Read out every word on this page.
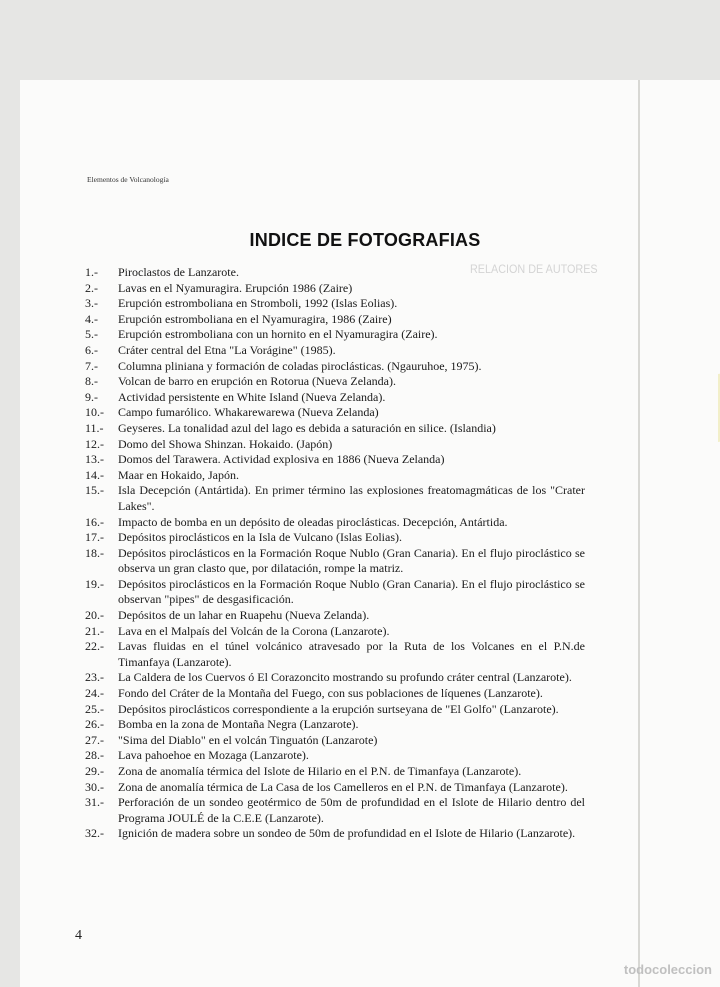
Elementos de Volcanología
INDICE DE FOTOGRAFIAS
RELACION DE AUTORES
1.-	Piroclastos de Lanzarote.
2.-	Lavas en el Nyamuragira. Erupción 1986 (Zaire)
3.-	Erupción estromboliana en Stromboli, 1992 (Islas Eolias).
4.-	Erupción estromboliana en el Nyamuragira, 1986 (Zaire)
5.-	Erupción estromboliana con un hornito en el Nyamuragira (Zaire).
6.-	Cráter central del Etna "La Vorágine" (1985).
7.-	Columna pliniana y formación de coladas piroclásticas. (Ngauruhoe, 1975).
8.-	Volcan de barro en erupción en Rotorua (Nueva Zelanda).
9.-	Actividad persistente en White Island (Nueva Zelanda).
10.-	Campo fumarólico. Whakarewarewa (Nueva Zelanda)
11.-	Geyseres. La tonalidad azul del lago es debida a saturación en silice. (Islandia)
12.-	Domo del Showa Shinzan. Hokaido. (Japón)
13.-	Domos del Tarawera. Actividad explosiva en 1886 (Nueva Zelanda)
14.-	Maar en Hokaido, Japón.
15.-	Isla Decepción (Antártida). En primer término las explosiones freatomagmáticas de los "Crater Lakes".
16.-	Impacto de bomba en un depósito de oleadas piroclásticas. Decepción, Antártida.
17.-	Depósitos piroclásticos en la Isla de Vulcano (Islas Eolias).
18.-	Depósitos piroclásticos en la Formación Roque Nublo (Gran Canaria). En el flujo piroclástico se observa un gran clasto que, por dilatación, rompe la matriz.
19.-	Depósitos piroclásticos en la Formación Roque Nublo (Gran Canaria). En el flujo piroclástico se observan "pipes" de desgasificación.
20.-	Depósitos de un lahar en Ruapehu (Nueva Zelanda).
21.-	Lava en el Malpaís del Volcán de la Corona (Lanzarote).
22.-	Lavas fluidas en el túnel volcánico atravesado por la Ruta de los Volcanes en el P.N.de Timanfaya (Lanzarote).
23.-	La Caldera de los Cuervos ó El Corazoncito mostrando su profundo cráter central (Lanzarote).
24.-	Fondo del Cráter de la Montaña del Fuego, con sus poblaciones de líquenes (Lanzarote).
25.-	Depósitos piroclásticos correspondiente a la erupción surtseyana de "El Golfo" (Lanzarote).
26.-	Bomba en la zona de Montaña Negra (Lanzarote).
27.-	"Sima del Diablo" en el volcán Tinguatón (Lanzarote)
28.-	Lava pahoehoe en Mozaga (Lanzarote).
29.-	Zona de anomalía térmica del Islote de Hilario en el P.N. de Timanfaya (Lanzarote).
30.-	Zona de anomalía térmica de La Casa de los Camelleros en el P.N. de Timanfaya (Lanzarote).
31.-	Perforación de un sondeo geotérmico de 50m de profundidad en el Islote de Hilario dentro del Programa JOULÉ de la C.E.E (Lanzarote).
32.-	Ignición de madera sobre un sondeo de 50m de profundidad en el Islote de Hilario (Lanzarote).
4
todocoleccion
